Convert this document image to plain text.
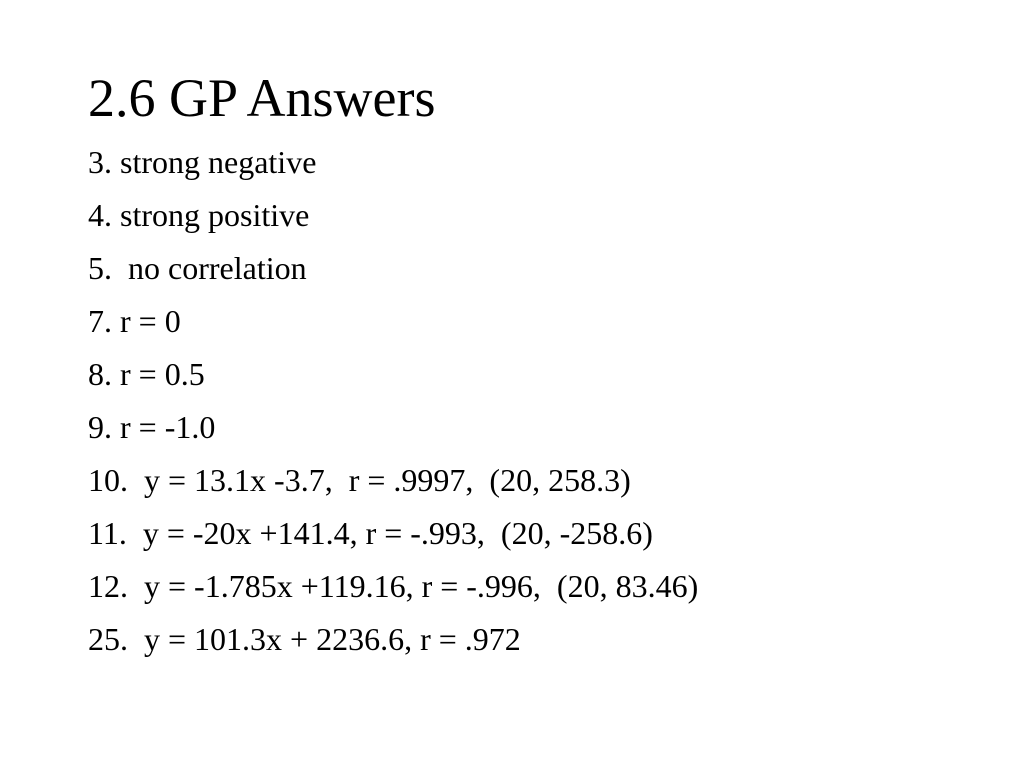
2.6 GP Answers
3. strong negative
4. strong positive
5.  no correlation
7. r = 0
8. r = 0.5
9. r = -1.0
10.  y = 13.1x -3.7,  r = .9997,  (20, 258.3)
11.  y = -20x +141.4, r = -.993,  (20, -258.6)
12.  y = -1.785x +119.16, r = -.996,  (20, 83.46)
25.  y = 101.3x + 2236.6, r = .972
